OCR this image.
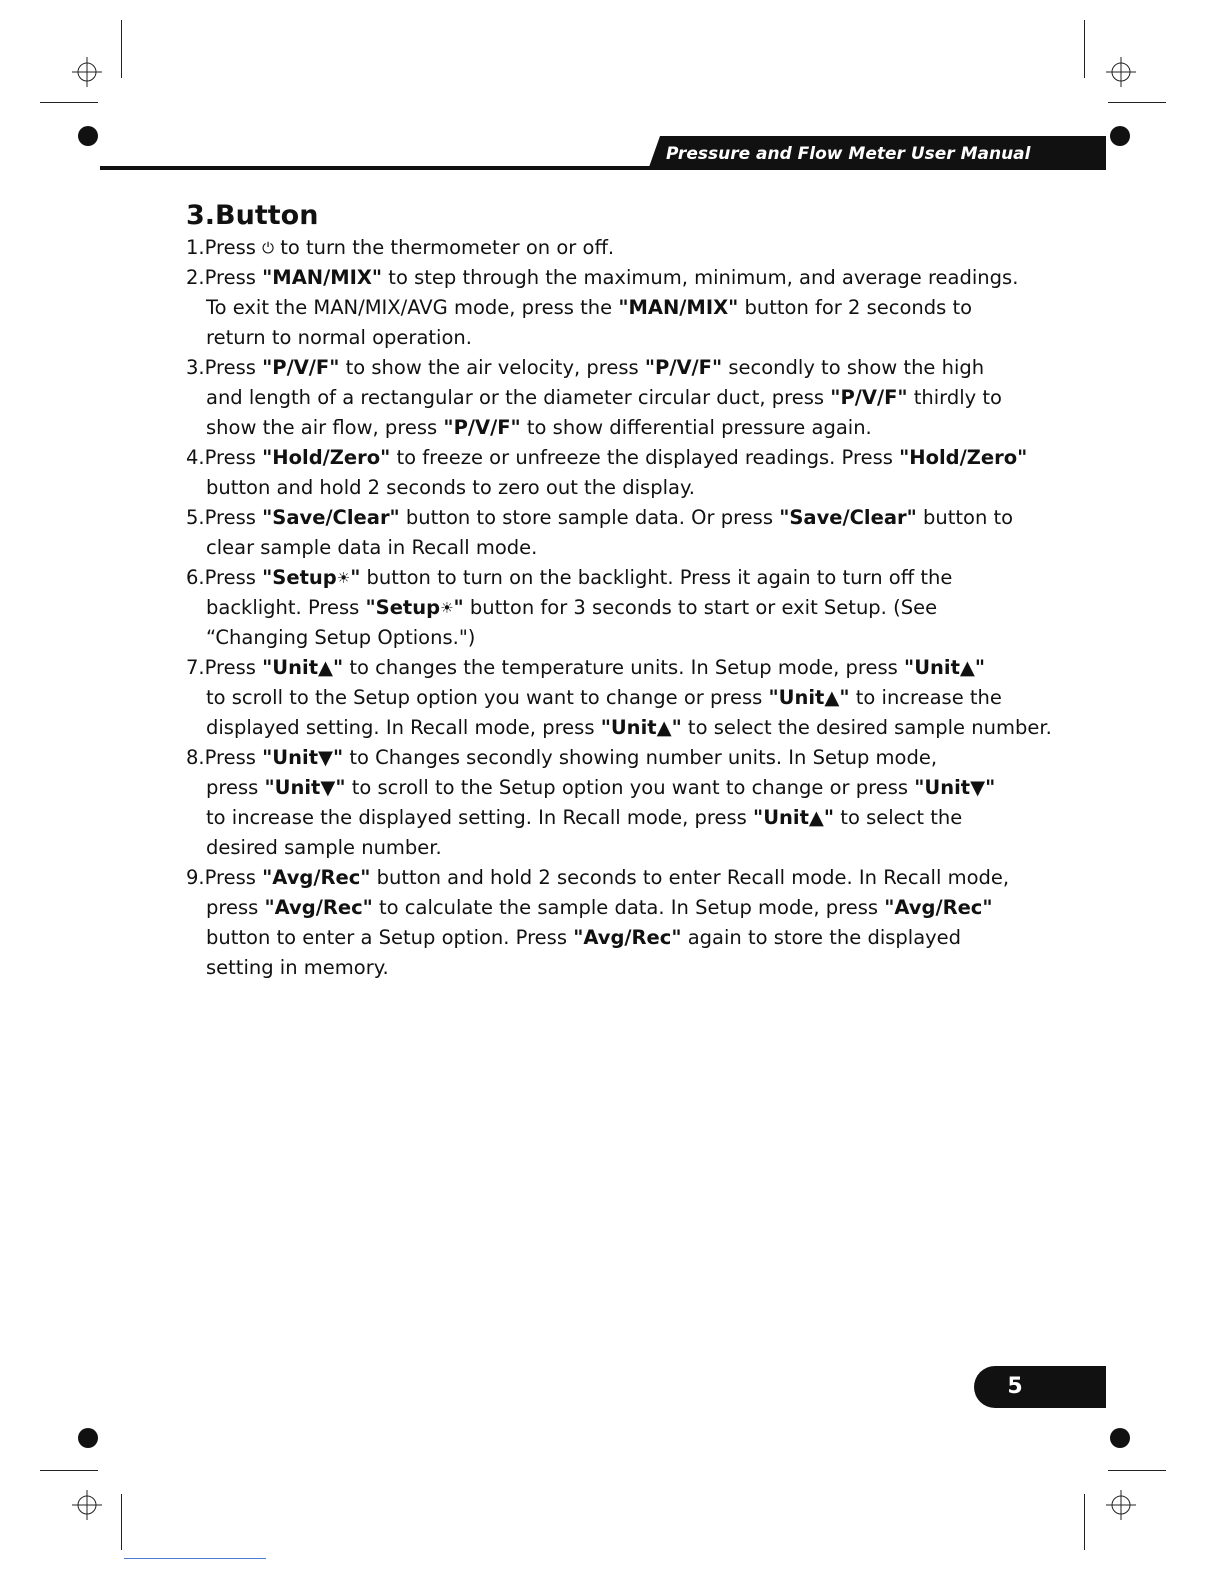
Pressure and Flow Meter User Manual
3.Button
1.Press ⏻ to turn the thermometer on or off.
2.Press "MAN/MIX" to step through the maximum, minimum, and average readings.
To exit the MAN/MIX/AVG mode, press the "MAN/MIX" button for 2 seconds to
return to normal operation.
3.Press "P/V/F" to show the air velocity, press "P/V/F" secondly to show the high
and length of a rectangular or the diameter circular duct, press "P/V/F" thirdly to
show the air flow, press "P/V/F" to show differential pressure again.
4.Press "Hold/Zero" to freeze or unfreeze the displayed readings. Press "Hold/Zero"
button and hold 2 seconds to zero out the display.
5.Press "Save/Clear" button to store sample data. Or press "Save/Clear" button to
clear sample data in Recall mode.
6.Press "Setup☀" button to turn on the backlight. Press it again to turn off the
backlight. Press "Setup☀" button for 3 seconds to start or exit Setup. (See
“Changing Setup Options.")
7.Press "Unit▲" to changes the temperature units. In Setup mode, press "Unit▲"
to scroll to the Setup option you want to change or press "Unit▲" to increase the
displayed setting. In Recall mode, press "Unit▲" to select the desired sample number.
8.Press "Unit▼" to Changes secondly showing number units. In Setup mode,
press "Unit▼" to scroll to the Setup option you want to change or press "Unit▼"
to increase the displayed setting. In Recall mode, press "Unit▲" to select the
desired sample number.
9.Press "Avg/Rec" button and hold 2 seconds to enter Recall mode. In Recall mode,
press "Avg/Rec" to calculate the sample data. In Setup mode, press "Avg/Rec"
button to enter a Setup option. Press "Avg/Rec" again to store the displayed
setting in memory.
5
